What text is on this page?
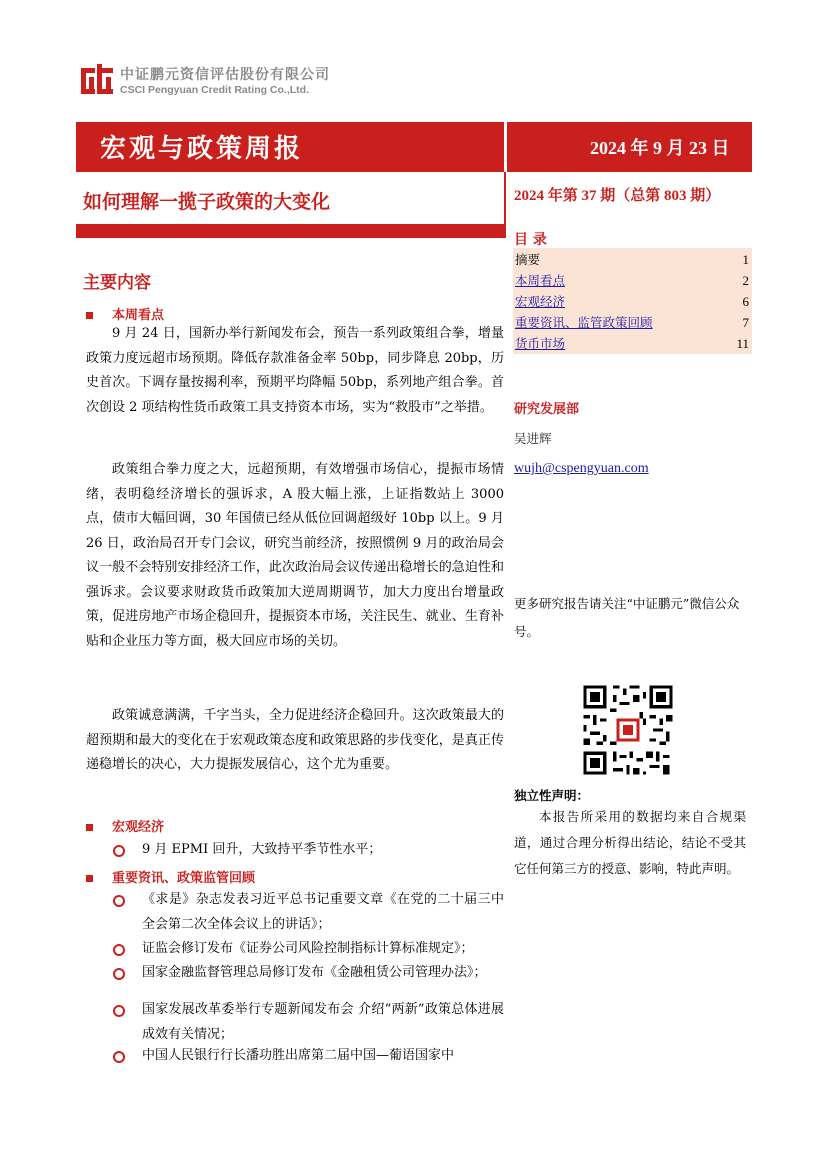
中证鹏元资信评估股份有限公司
CSCI Pengyuan Credit Rating Co.,Ltd.
宏观与政策周报	2024 年 9 月 23 日
如何理解一揽子政策的大变化	2024 年第 37 期（总第 803 期）
主要内容
本周看点
9 月 24 日，国新办举行新闻发布会，预告一系列政策组合拳，增量政策力度远超市场预期。降低存款准备金率 50bp，同步降息 20bp，历史首次。下调存量按揭利率，预期平均降幅 50bp，系列地产组合拳。首次创设 2 项结构性货币政策工具支持资本市场，实为“救股市”之举措。
政策组合拳力度之大，远超预期，有效增强市场信心，提振市场情绪，表明稳经济增长的强诉求，A 股大幅上涨，上证指数站上 3000 点，债市大幅回调，30 年国债已经从低位回调超级好 10bp 以上。9 月 26 日，政治局召开专门会议，研究当前经济，按照惯例 9 月的政治局会议一般不会特别安排经济工作，此次政治局会议传递出稳增长的急迫性和强诉求。会议要求财政货币政策加大逆周期调节，加大力度出台增量政策，促进房地产市场企稳回升，提振资本市场，关注民生、就业、生育补贴和企业压力等方面，极大回应市场的关切。
政策诚意满满，千字当头，全力促进经济企稳回升。这次政策最大的超预期和最大的变化在于宏观政策态度和政策思路的步伐变化，是真正传递稳增长的决心，大力提振发展信心，这个尤为重要。
宏观经济
9 月 EPMI 回升，大致持平季节性水平；
重要资讯、政策监管回顾
《求是》杂志发表习近平总书记重要文章《在党的二十届三中全会第二次全体会议上的讲话》；
证监会修订发布《证券公司风险控制指标计算标准规定》；
国家金融监督管理总局修订发布《金融租赁公司管理办法》；
国家发展改革委举行专题新闻发布会 介绍“两新”政策总体进展成效有关情况；
中国人民银行行长潘功胜出席第二届中国—葡语国家中
目 录
摘要	1
本周看点	2
宏观经济	6
重要资讯、监管政策回顾	7
货币市场	11
研究发展部
吴进辉
wujh@cspengyuan.com
更多研究报告请关注“中证鹏元”微信公众号。
独立性声明：
本报告所采用的数据均来自合规渠道，通过合理分析得出结论，结论不受其它任何第三方的授意、影响，特此声明。
